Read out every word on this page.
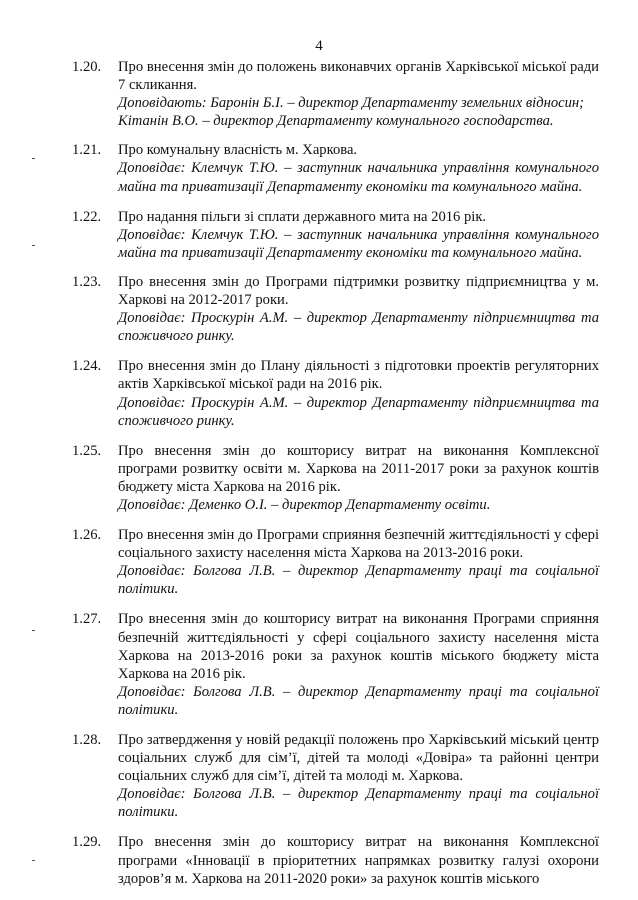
4
1.20.	Про внесення змін до положень виконавчих органів Харківської міської ради 7 скликання.
Доповідають: Баронін Б.І. – директор Департаменту земельних відносин;
Кітанін В.О. – директор Департаменту комунального господарства.
1.21.	Про комунальну власність м. Харкова.
Доповідає: Клемчук Т.Ю. – заступник начальника управління комунального майна та приватизації Департаменту економіки та комунального майна.
1.22.	Про надання пільги зі сплати державного мита на 2016 рік.
Доповідає: Клемчук Т.Ю. – заступник начальника управління комунального майна та приватизації Департаменту економіки та комунального майна.
1.23.	Про внесення змін до Програми підтримки розвитку підприємництва у м. Харкові на 2012-2017 роки.
Доповідає: Проскурін А.М. – директор Департаменту підприємництва та споживчого ринку.
1.24.	Про внесення змін до Плану діяльності з підготовки проектів регуляторних актів Харківської міської ради на 2016 рік.
Доповідає: Проскурін А.М. – директор Департаменту підприємництва та споживчого ринку.
1.25.	Про внесення змін до кошторису витрат на виконання Комплексної програми розвитку освіти м. Харкова на 2011-2017 роки за рахунок коштів бюджету міста Харкова на 2016 рік.
Доповідає: Деменко О.І. – директор Департаменту освіти.
1.26.	Про внесення змін до Програми сприяння безпечній життєдіяльності у сфері соціального захисту населення міста Харкова на 2013-2016 роки.
Доповідає: Болгова Л.В. – директор Департаменту праці та соціальної політики.
1.27.	Про внесення змін до кошторису витрат на виконання Програми сприяння безпечній життєдіяльності у сфері соціального захисту населення міста Харкова на 2013-2016 роки за рахунок коштів міського бюджету міста Харкова на 2016 рік.
Доповідає: Болгова Л.В. – директор Департаменту праці та соціальної політики.
1.28.	Про затвердження у новій редакції положень про Харківський міський центр соціальних служб для сім’ї, дітей та молоді «Довіра» та районні центри соціальних служб для сім’ї, дітей та молоді м. Харкова.
Доповідає: Болгова Л.В. – директор Департаменту праці та соціальної політики.
1.29.	Про внесення змін до кошторису витрат на виконання Комплексної програми «Інновації в пріоритетних напрямках розвитку галузі охорони здоров’я м. Харкова на 2011-2020 роки» за рахунок коштів міського
